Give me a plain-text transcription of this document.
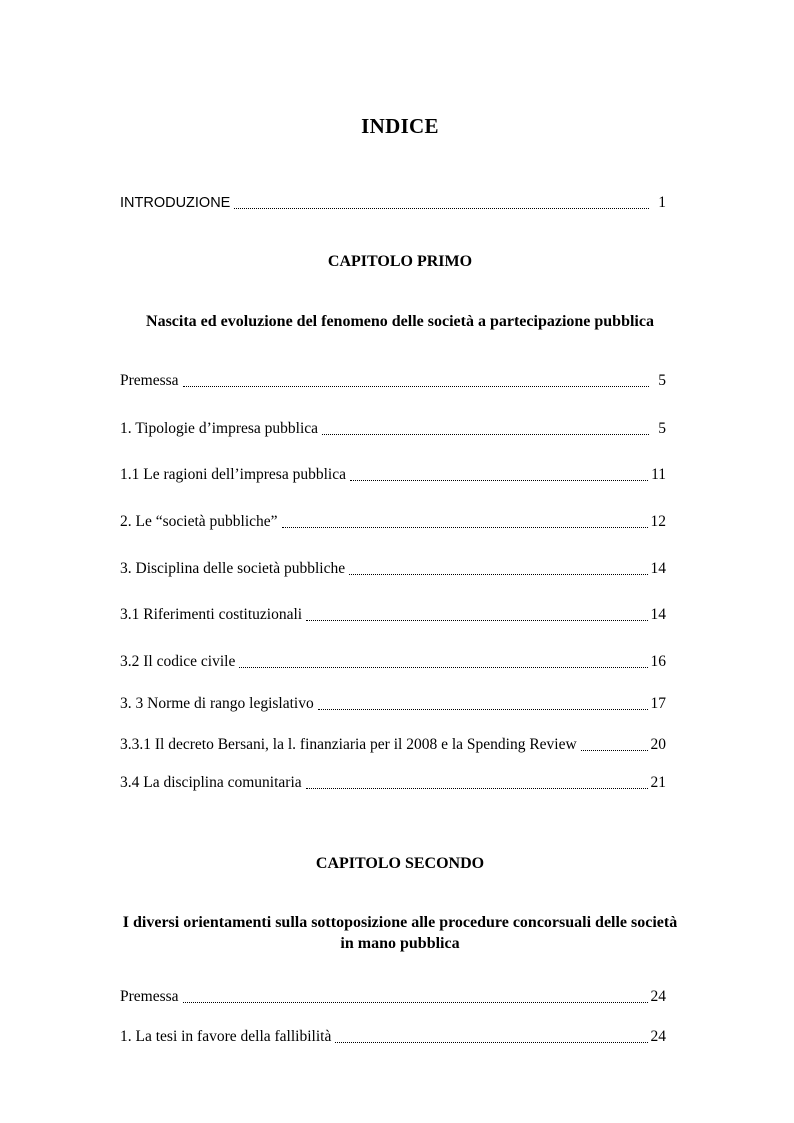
INDICE
INTRODUZIONE	1
CAPITOLO PRIMO
Nascita ed evoluzione del fenomeno delle società a partecipazione pubblica
Premessa	5
1. Tipologie d’impresa pubblica	5
1.1 Le ragioni dell’impresa pubblica	11
2. Le “società pubbliche”	12
3. Disciplina delle società pubbliche	14
3.1 Riferimenti costituzionali	14
3.2 Il codice civile	16
3. 3 Norme di rango legislativo	17
3.3.1 Il decreto Bersani, la l. finanziaria per il 2008 e la Spending Review	20
3.4 La disciplina comunitaria	21
CAPITOLO SECONDO
I diversi orientamenti sulla sottoposizione alle procedure concorsuali delle società in mano pubblica
Premessa	24
1. La tesi in favore della fallibilità	24
